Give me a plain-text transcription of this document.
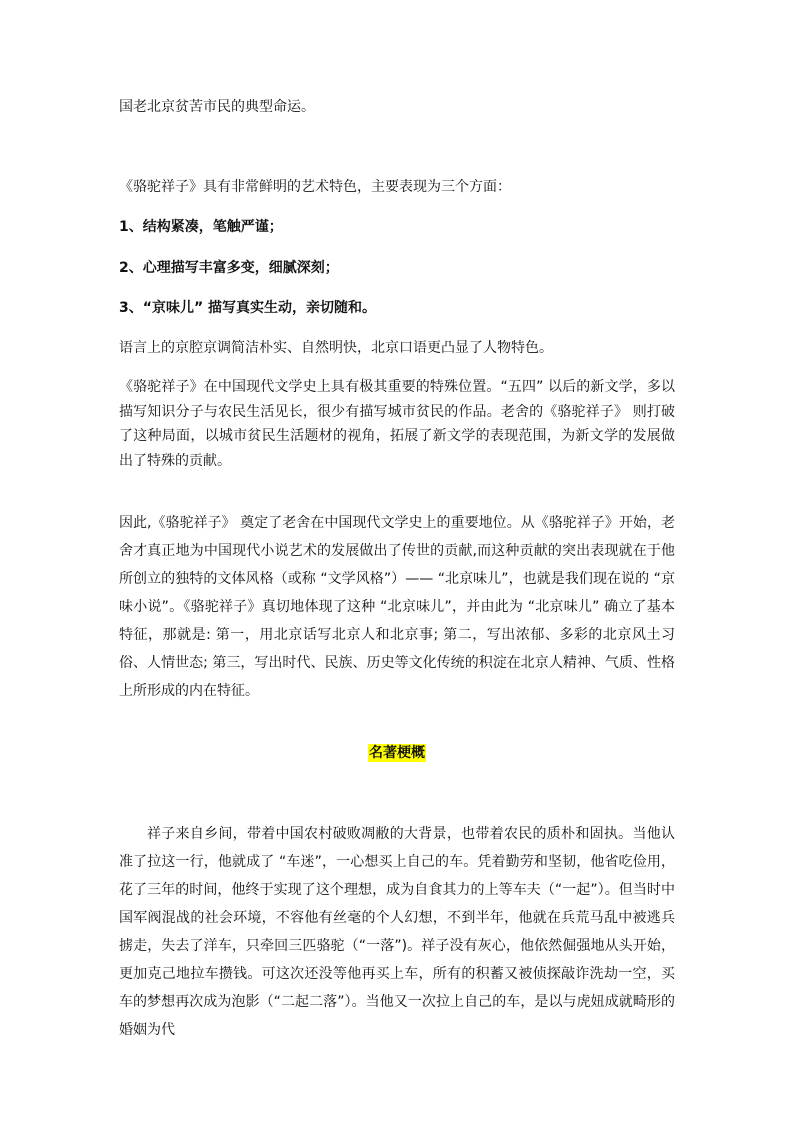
国老北京贫苦市民的典型命运。

《骆驼祥子》具有非常鲜明的艺术特色，主要表现为三个方面：

1、结构紧凑，笔触严谨；

2、心理描写丰富多变，细腻深刻；

3、“京味儿” 描写真实生动，亲切随和。

语言上的京腔京调简洁朴实、自然明快，北京口语更凸显了人物特色。

《骆驼祥子》在中国现代文学史上具有极其重要的特殊位置。“五四” 以后的新文学，多以描写知识分子与农民生活见长，很少有描写城市贫民的作品。老舍的《骆驼祥子》 则打破了这种局面，以城市贫民生活题材的视角，拓展了新文学的表现范围，为新文学的发展做出了特殊的贡献。

因此,《骆驼祥子》 奠定了老舍在中国现代文学史上的重要地位。从《骆驼祥子》开始，老舍才真正地为中国现代小说艺术的发展做出了传世的贡献,而这种贡献的突出表现就在于他所创立的独特的文体风格（或称 “文学风格”）—— “北京味儿”，也就是我们现在说的 “京味小说”。《骆驼祥子》真切地体现了这种 “北京味儿”，并由此为 “北京味儿” 确立了基本特征，那就是: 第一，用北京话写北京人和北京事; 第二，写出浓郁、多彩的北京风土习俗、人情世态; 第三，写出时代、民族、历史等文化传统的积淀在北京人精神、气质、性格上所形成的内在特征。

名著梗概

祥子来自乡间，带着中国农村破败凋敝的大背景，也带着农民的质朴和固执。当他认准了拉这一行，他就成了 “车迷”，一心想买上自己的车。凭着勤劳和坚韧，他省吃俭用，花了三年的时间，他终于实现了这个理想，成为自食其力的上等车夫（“一起”）。但当时中国军阀混战的社会环境，不容他有丝毫的个人幻想，不到半年，他就在兵荒马乱中被逃兵掳走，失去了洋车，只牵回三匹骆驼（“一落”)。祥子没有灰心，他依然倔强地从头开始，更加克己地拉车攒钱。可这次还没等他再买上车，所有的积蓄又被侦探敲诈洗劫一空，买车的梦想再次成为泡影（“二起二落”）。当他又一次拉上自己的车，是以与虎妞成就畸形的婚姻为代
